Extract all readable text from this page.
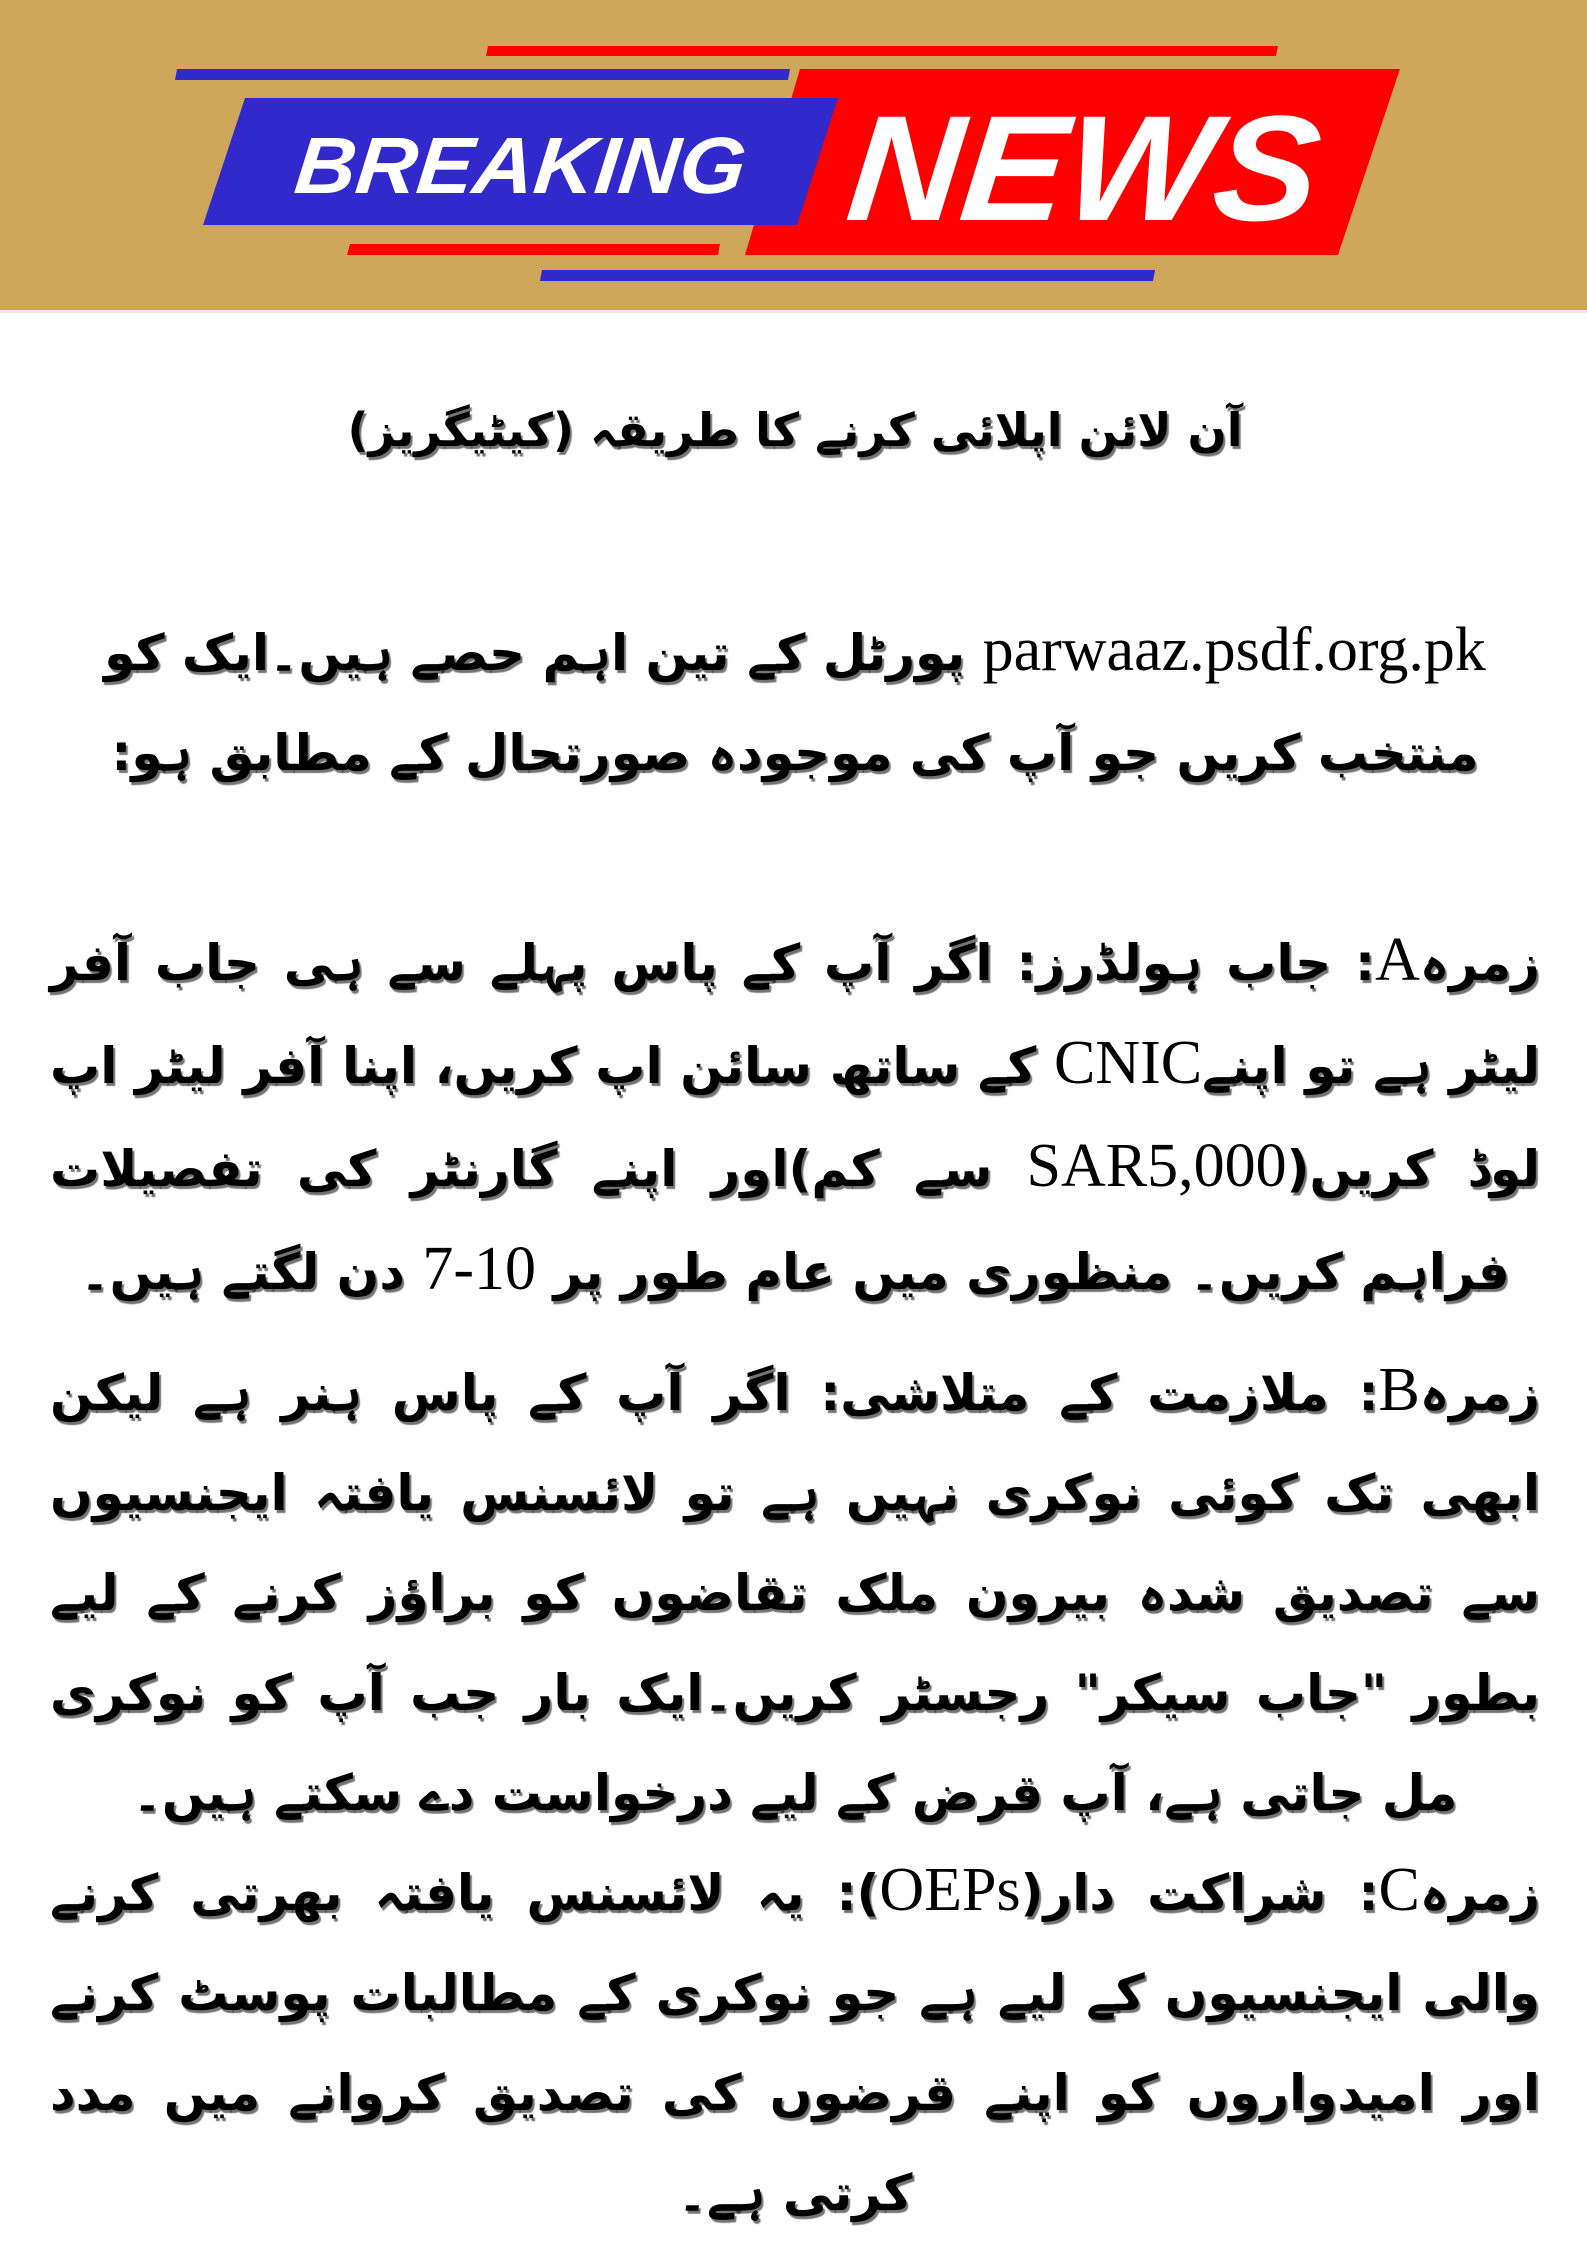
BREAKING NEWS
آن لائن اپلائی کرنے کا طریقہ (کیٹیگریز)
parwaaz.psdf.org.pk پورٹل کے تین اہم حصے ہیں۔ایک کو منتخب کریں جو آپ کی موجودہ صورتحال کے مطابق ہو:
زمرہA: جاب ہولڈرز: اگر آپ کے پاس پہلے سے ہی جاب آفر لیٹر ہے تو اپنےCNIC کے ساتھ سائن اپ کریں، اپنا آفر لیٹر اپ لوڈ کریں(SAR5,000 سے کم)اور اپنے گارنٹر کی تفصیلات فراہم کریں۔ منظوری میں عام طور پر 7-10 دن لگتے ہیں۔
زمرہB: ملازمت کے متلاشی: اگر آپ کے پاس ہنر ہے لیکن ابھی تک کوئی نوکری نہیں ہے تو لائسنس یافتہ ایجنسیوں سے تصدیق شدہ بیرون ملک تقاضوں کو براؤز کرنے کے لیے بطور "جاب سیکر" رجسٹر کریں۔ایک بار جب آپ کو نوکری مل جاتی ہے، آپ قرض کے لیے درخواست دے سکتے ہیں۔
زمرہC: شراکت دار(OEPs): یہ لائسنس یافتہ بھرتی کرنے والی ایجنسیوں کے لیے ہے جو نوکری کے مطالبات پوسٹ کرنے اور امیدواروں کو اپنے قرضوں کی تصدیق کروانے میں مدد کرتی ہے۔
